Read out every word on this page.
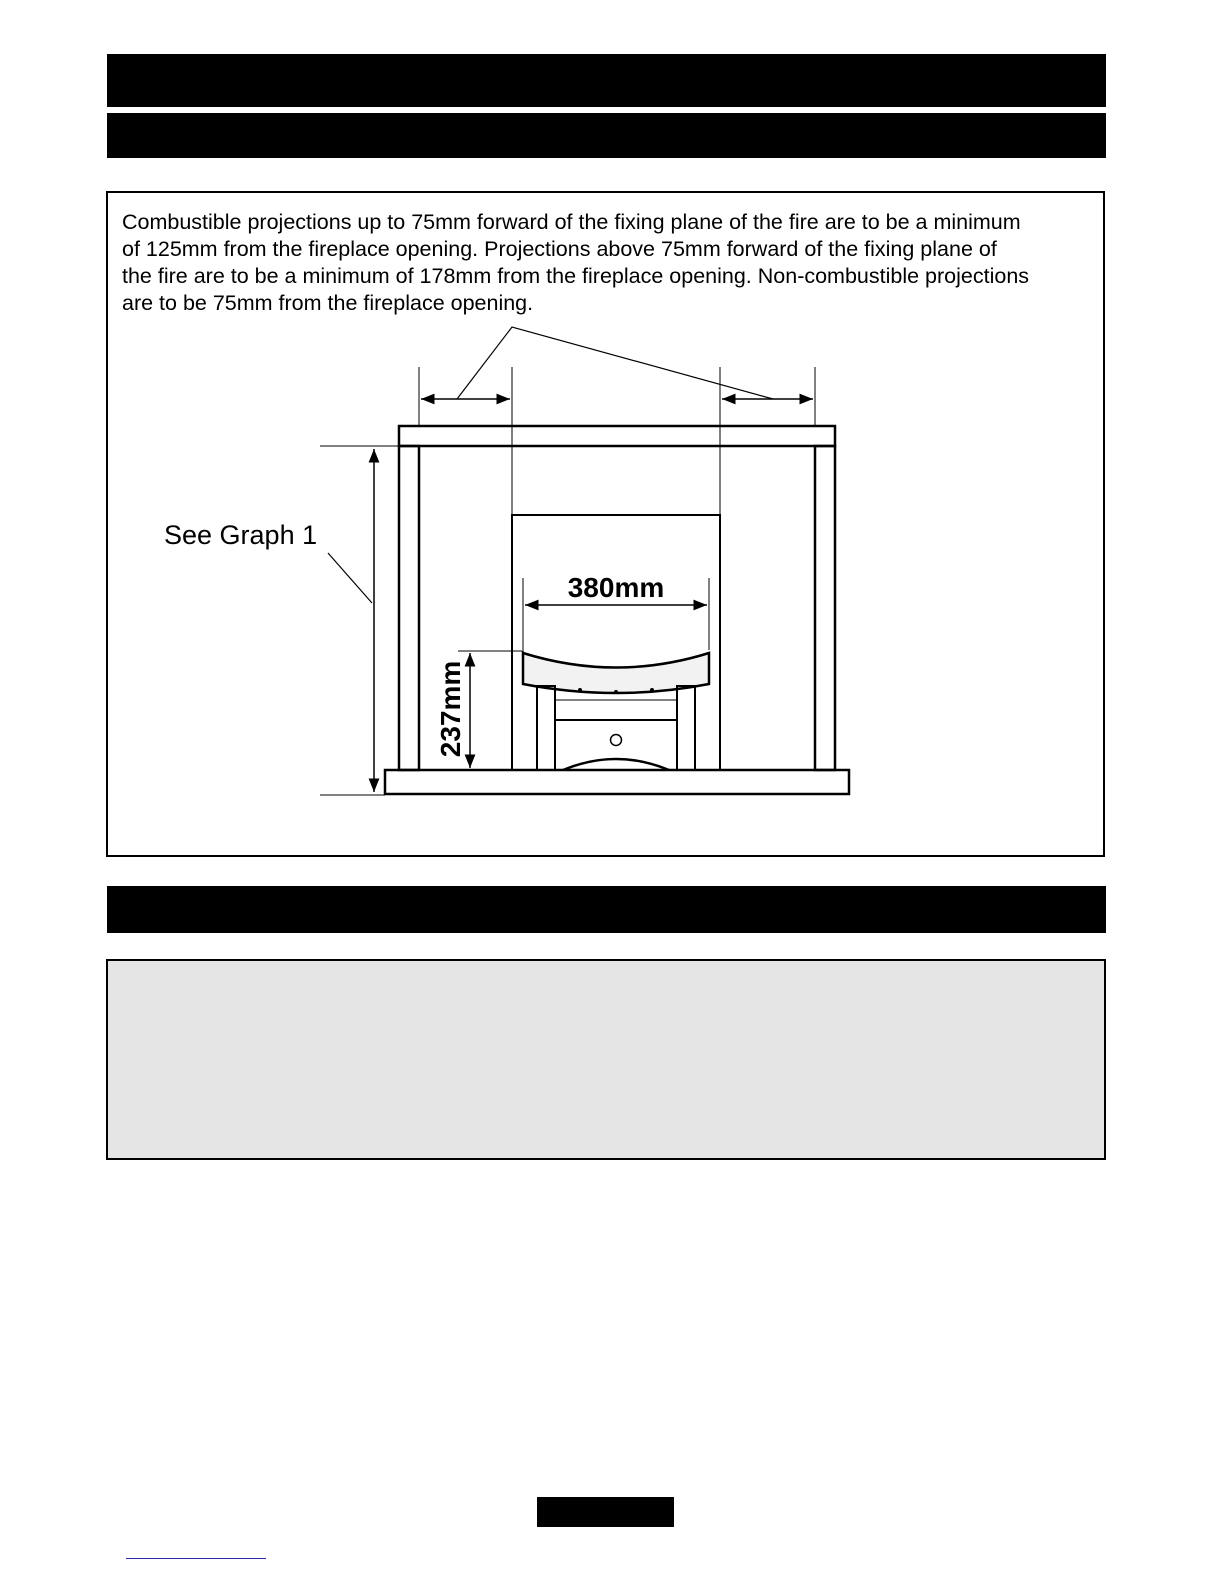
Combustible projections up to 75mm forward of the fixing plane of the fire are to be a minimum
of 125mm from the fireplace opening. Projections above 75mm forward of the fixing plane of
the fire are to be a minimum of 178mm from the fireplace opening. Non-combustible projections
are to be 75mm from the fireplace opening.

380mm
237mm
See Graph 1
